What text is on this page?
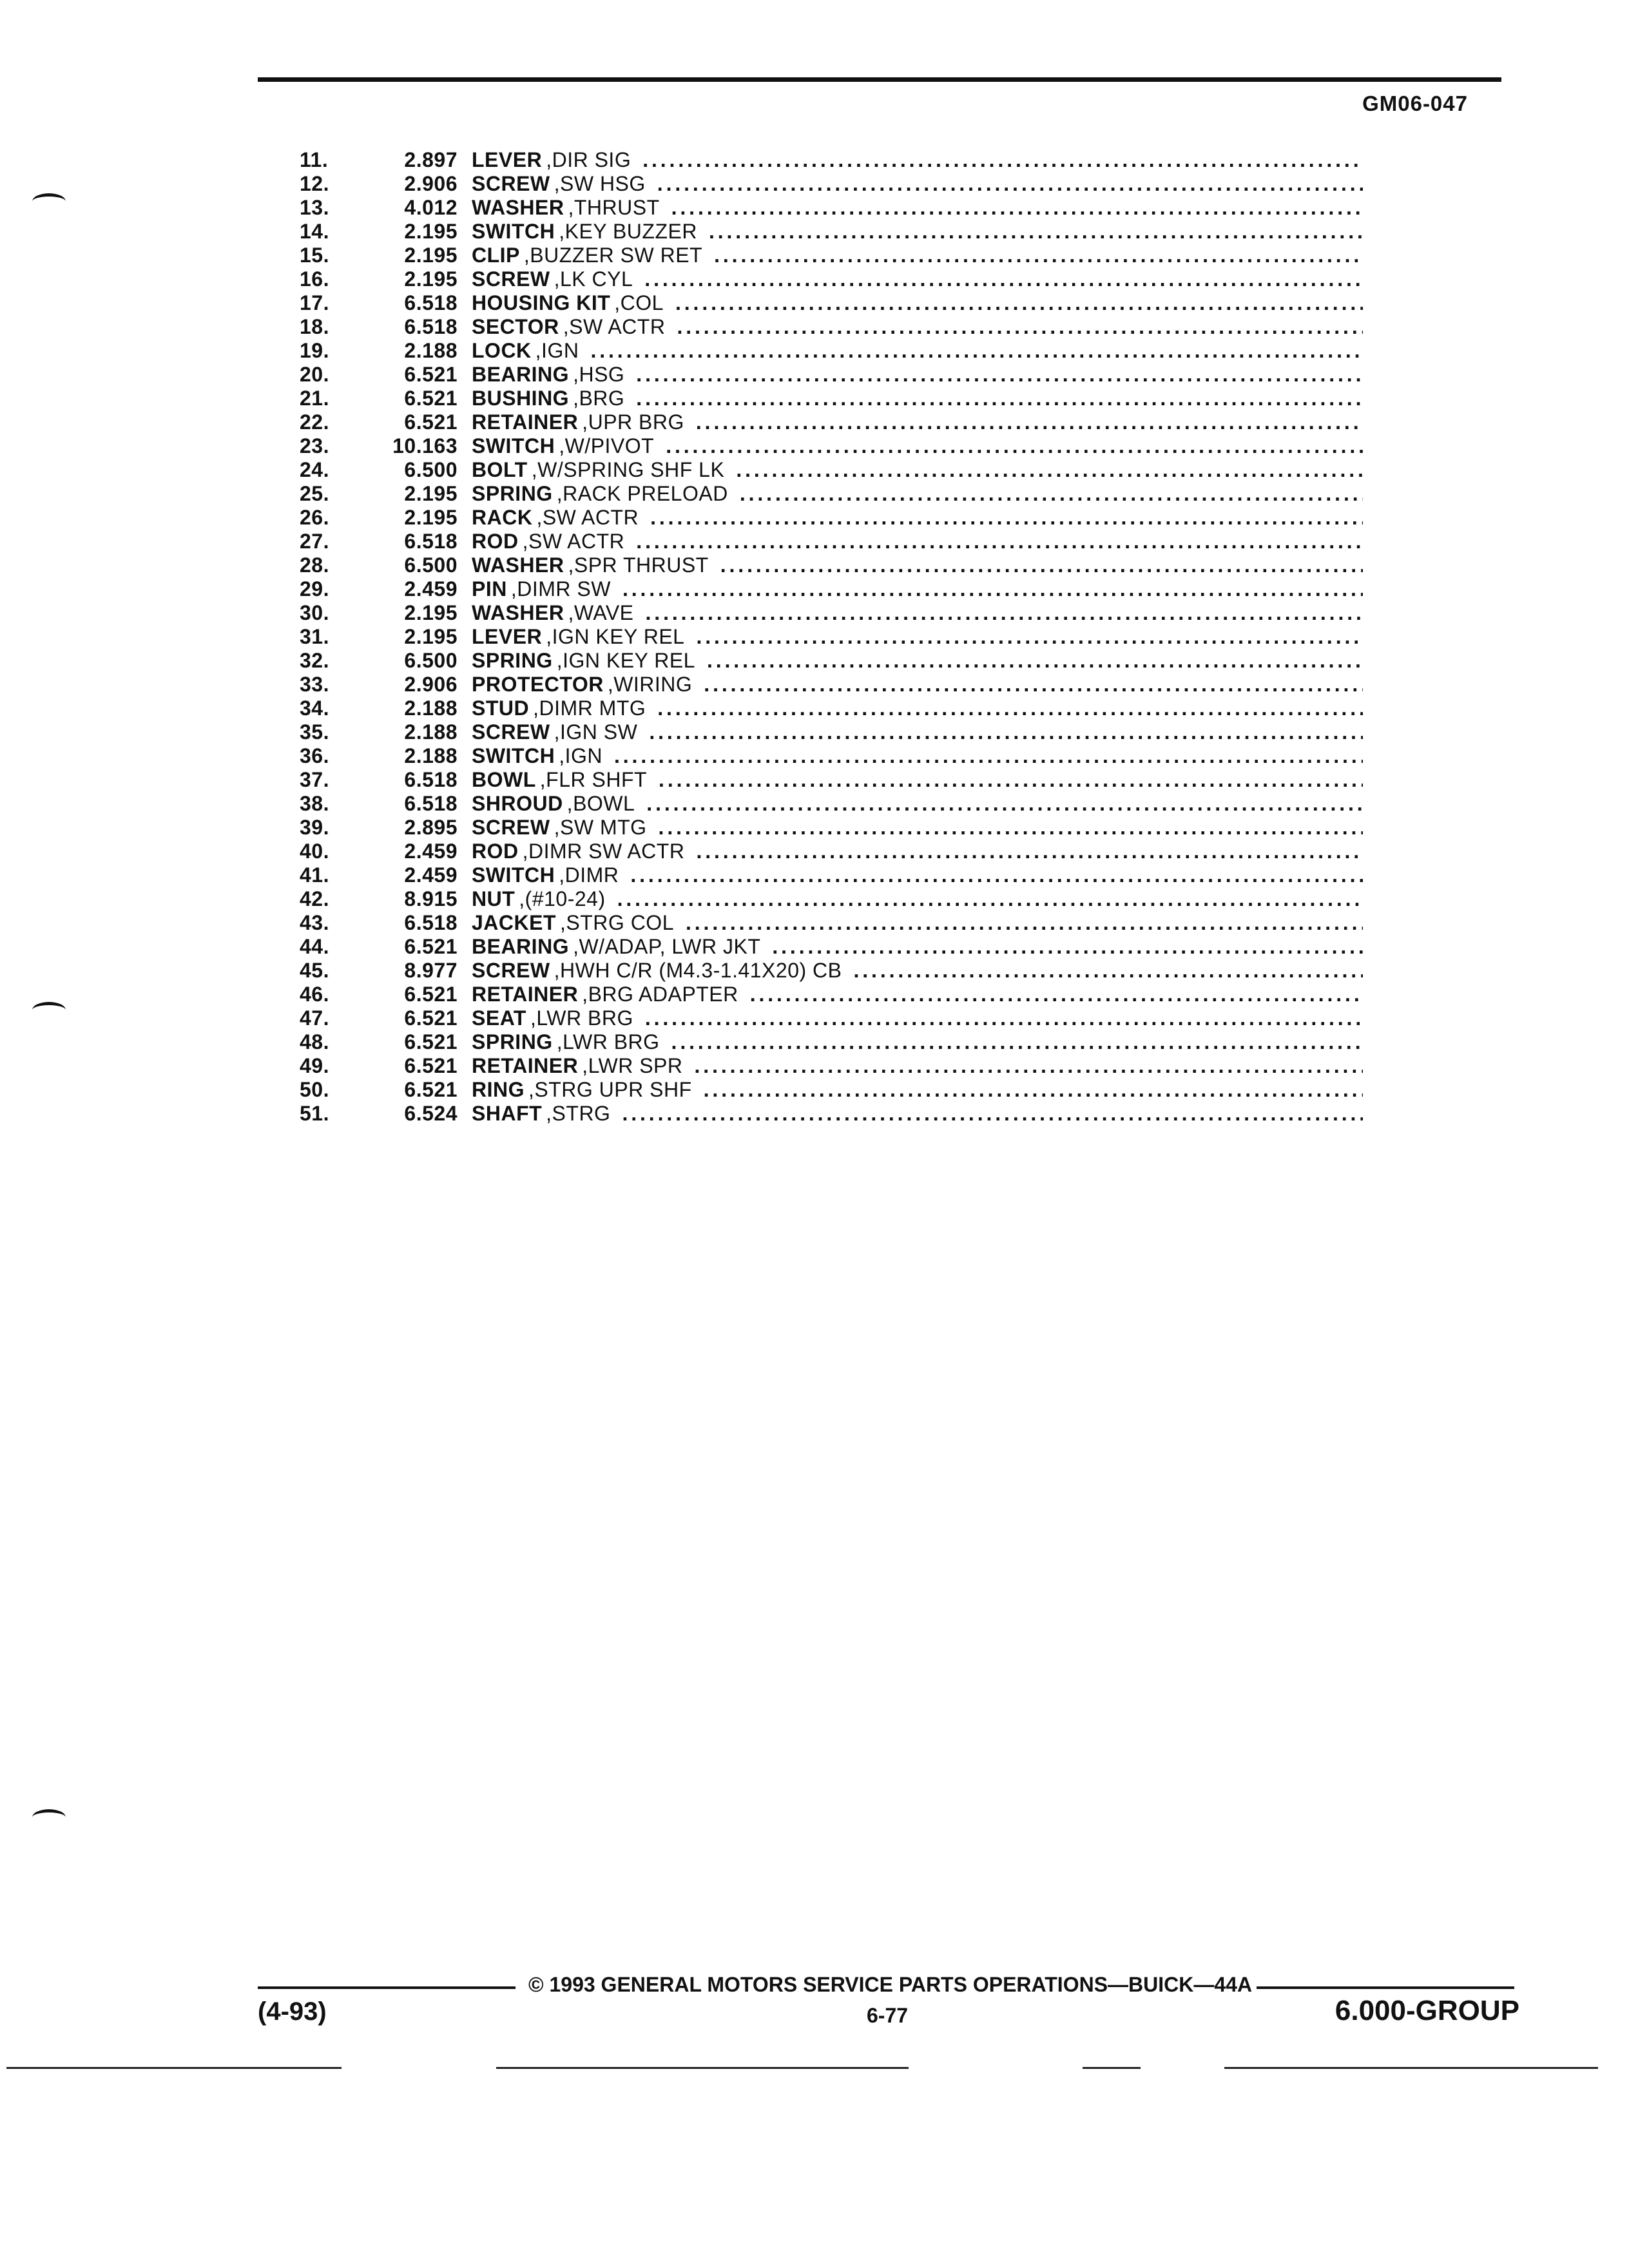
GM06-047
11.	2.897 LEVER , DIR SIG
. . .
12.	2.906 SCREW , SW HSG
. . .
13.	4.012 WASHER , THRUST
. . .
14.	2.195 SWITCH , KEY BUZZER
. . .
15.	2.195 CLIP , BUZZER SW RET
. . .
16.	2.195 SCREW , LK CYL
. . .
17.	6.518 HOUSING KIT , COL
. . .
18.	6.518 SECTOR , SW ACTR
. . .
19.	2.188 LOCK , IGN
. . .
20.	6.521 BEARING , HSG
. . .
21.	6.521 BUSHING , BRG
. . .
22.	6.521 RETAINER , UPR BRG
. . .
23.	10.163 SWITCH , W/PIVOT
. . .
24.	6.500 BOLT , W/SPRING SHF LK
. . .
25.	2.195 SPRING , RACK PRELOAD
. . .
26.	2.195 RACK , SW ACTR
. . .
27.	6.518 ROD , SW ACTR
. . .
28.	6.500 WASHER , SPR THRUST
. . .
29.	2.459 PIN , DIMR SW
. . .
30.	2.195 WASHER , WAVE
. . .
31.	2.195 LEVER , IGN KEY REL
. . .
32.	6.500 SPRING , IGN KEY REL
. . .
33.	2.906 PROTECTOR , WIRING
. . .
34.	2.188 STUD , DIMR MTG
. . .
35.	2.188 SCREW , IGN SW
. . .
36.	2.188 SWITCH , IGN
. . .
37.	6.518 BOWL , FLR SHFT
. . .
38.	6.518 SHROUD , BOWL
. . .
39.	2.895 SCREW , SW MTG
. . .
40.	2.459 ROD , DIMR SW ACTR
. . .
41.	2.459 SWITCH , DIMR
. . .
42.	8.915 NUT , (#10-24)
. . .
43.	6.518 JACKET , STRG COL
. . .
44.	6.521 BEARING , W/ADAP, LWR JKT
. . .
45.	8.977 SCREW , HWH C/R (M4.3-1.41X20) CB
. . .
46.	6.521 RETAINER , BRG ADAPTER
. . .
47.	6.521 SEAT , LWR BRG
. . .
48.	6.521 SPRING , LWR BRG
. . .
49.	6.521 RETAINER , LWR SPR
. . .
50.	6.521 RING , STRG UPR SHF
. . .
51.	6.524 SHAFT , STRG
. . .
© 1993 GENERAL MOTORS SERVICE PARTS OPERATIONS—BUICK—44A
(4-93)	6-77	6.000-GROUP
